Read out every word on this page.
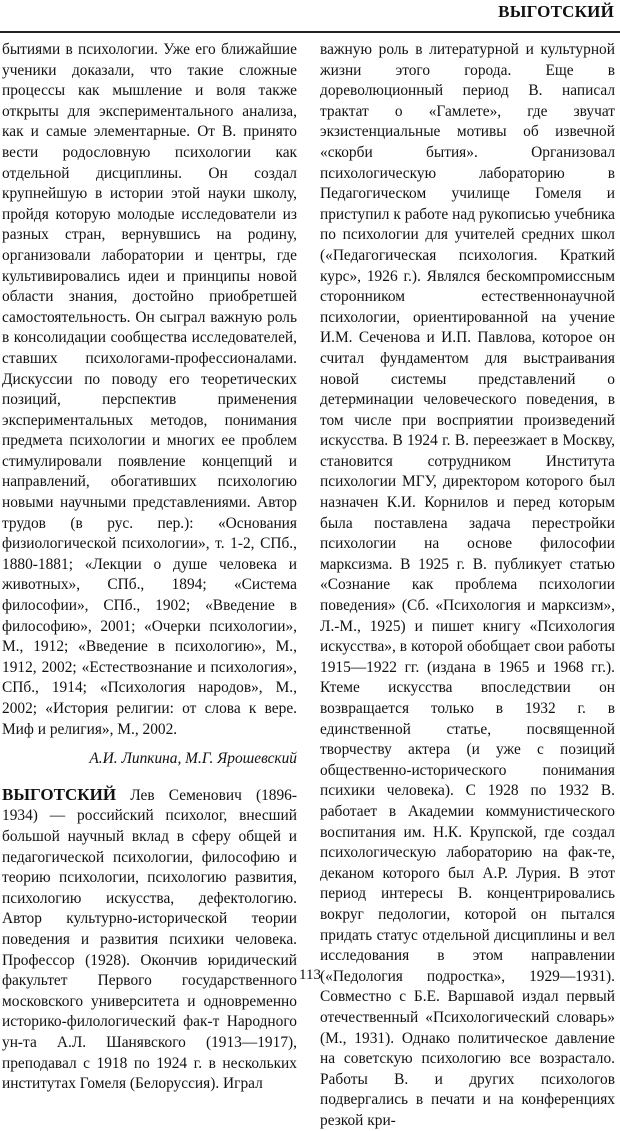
ВЫГОТСКИЙ

бытиями в психологии. Уже его ближайшие ученики доказали, что такие сложные процессы как мышление и воля также открыты для экспериментального анализа, как и самые элементарные. От В. принято вести родословную психологии как отдельной дисциплины. Он создал крупнейшую в истории этой науки школу, пройдя которую молодые исследователи из разных стран, вернувшись на родину, организовали лаборатории и центры, где культивировались идеи и принципы новой области знания, достойно приобретшей самостоятельность. Он сыграл важную роль в консолидации сообщества исследователей, ставших психологами-профессионалами. Дискуссии по поводу его теоретических позиций, перспектив применения экспериментальных методов, понимания предмета психологии и многих ее проблем стимулировали появление концепций и направлений, обогативших психологию новыми научными представлениями. Автор трудов (в рус. пер.): «Основания физиологической психологии», т. 1-2, СПб., 1880-1881; «Лекции о душе человека и животных», СПб., 1894; «Система философии», СПб., 1902; «Введение в философию», 2001; «Очерки психологии», М., 1912; «Введение в психологию», М., 1912, 2002; «Естествознание и психология», СПб., 1914; «Психология народов», М., 2002; «История религии: от слова к вере. Миф и религия», М., 2002.

А.И. Липкина, М.Г. Ярошевский

ВЫГОТСКИЙ Лев Семенович (1896-1934) — российский психолог, внесший большой научный вклад в сферу общей и педагогической психологии, философию и теорию психологии, психологию развития, психологию искусства, дефектологию. Автор культурно-исторической теории поведения и развития психики человека. Профессор (1928). Окончив юридический факультет Первого государственного московского университета и одновременно историко-филологический фак-т Народного ун-та А.Л. Шанявского (1913—1917), преподавал с 1918 по 1924 г. в нескольких институтах Гомеля (Белоруссия). Играл

важную роль в литературной и культурной жизни этого города. Еще в дореволюционный период В. написал трактат о «Гамлете», где звучат экзистенциальные мотивы об извечной «скорби бытия». Организовал психологическую лабораторию в Педагогическом училище Гомеля и приступил к работе над рукописью учебника по психологии для учителей средних школ («Педагогическая психология. Краткий курс», 1926 г.). Являлся бескомпромиссным сторонником естественнонаучной психологии, ориентированной на учение И.М. Сеченова и И.П. Павлова, которое он считал фундаментом для выстраивания новой системы представлений о детерминации человеческого поведения, в том числе при восприятии произведений искусства. В 1924 г. В. переезжает в Москву, становится сотрудником Института психологии МГУ, директором которого был назначен К.И. Корнилов и перед которым была поставлена задача перестройки психологии на основе философии марксизма. В 1925 г. В. публикует статью «Сознание как проблема психологии поведения» (Сб. «Психология и марксизм», Л.-М., 1925) и пишет книгу «Психология искусства», в которой обобщает свои работы 1915—1922 гг. (издана в 1965 и 1968 гг.). Ктеме искусства впоследствии он возвращается только в 1932 г. в единственной статье, посвященной творчеству актера (и уже с позиций общественно-исторического понимания психики человека). С 1928 по 1932 В. работает в Академии коммунистического воспитания им. Н.К. Крупской, где создал психологическую лабораторию на фак-те, деканом которого был А.Р. Лурия. В этот период интересы В. концентрировались вокруг педологии, которой он пытался придать статус отдельной дисциплины и вел исследования в этом направлении («Педология подростка», 1929—1931). Совместно с Б.Е. Варшавой издал первый отечественный «Психологический словарь» (М., 1931). Однако политическое давление на советскую психологию все возрастало. Работы В. и других психологов подвергались в печати и на конференциях резкой кри-

113
